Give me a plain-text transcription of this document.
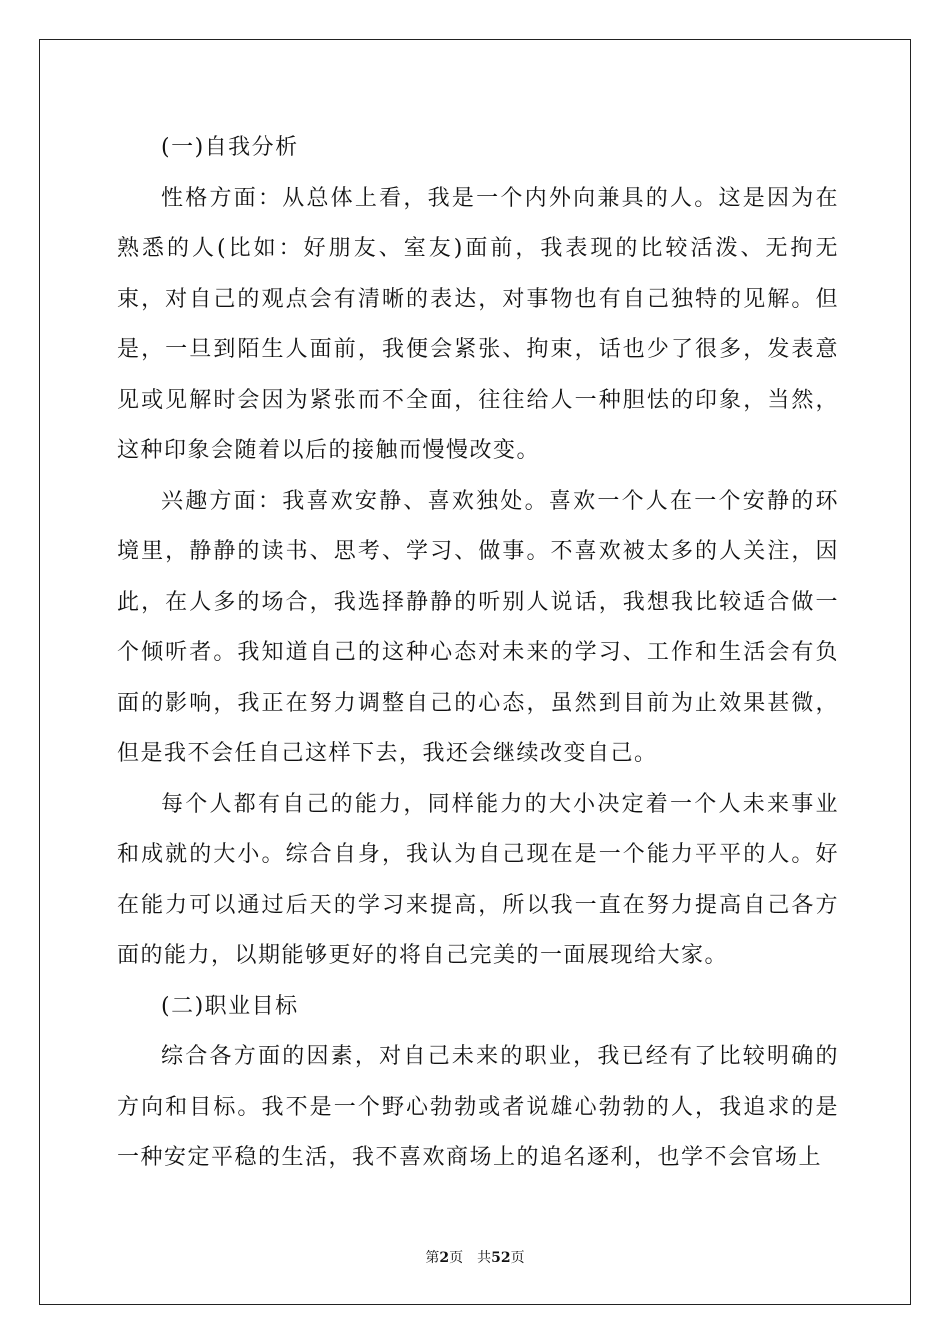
(一)自我分析

性格方面：从总体上看，我是一个内外向兼具的人。这是因为在熟悉的人(比如：好朋友、室友)面前，我表现的比较活泼、无拘无束，对自己的观点会有清晰的表达，对事物也有自己独特的见解。但是，一旦到陌生人面前，我便会紧张、拘束，话也少了很多，发表意见或见解时会因为紧张而不全面，往往给人一种胆怯的印象，当然，这种印象会随着以后的接触而慢慢改变。

兴趣方面：我喜欢安静、喜欢独处。喜欢一个人在一个安静的环境里，静静的读书、思考、学习、做事。不喜欢被太多的人关注，因此，在人多的场合，我选择静静的听别人说话，我想我比较适合做一个倾听者。我知道自己的这种心态对未来的学习、工作和生活会有负面的影响，我正在努力调整自己的心态，虽然到目前为止效果甚微，但是我不会任自己这样下去，我还会继续改变自己。

每个人都有自己的能力，同样能力的大小决定着一个人未来事业和成就的大小。综合自身，我认为自己现在是一个能力平平的人。好在能力可以通过后天的学习来提高，所以我一直在努力提高自己各方面的能力，以期能够更好的将自己完美的一面展现给大家。

(二)职业目标

综合各方面的因素，对自己未来的职业，我已经有了比较明确的方向和目标。我不是一个野心勃勃或者说雄心勃勃的人，我追求的是一种安定平稳的生活，我不喜欢商场上的追名逐利，也学不会官场上

第2页 共52页
